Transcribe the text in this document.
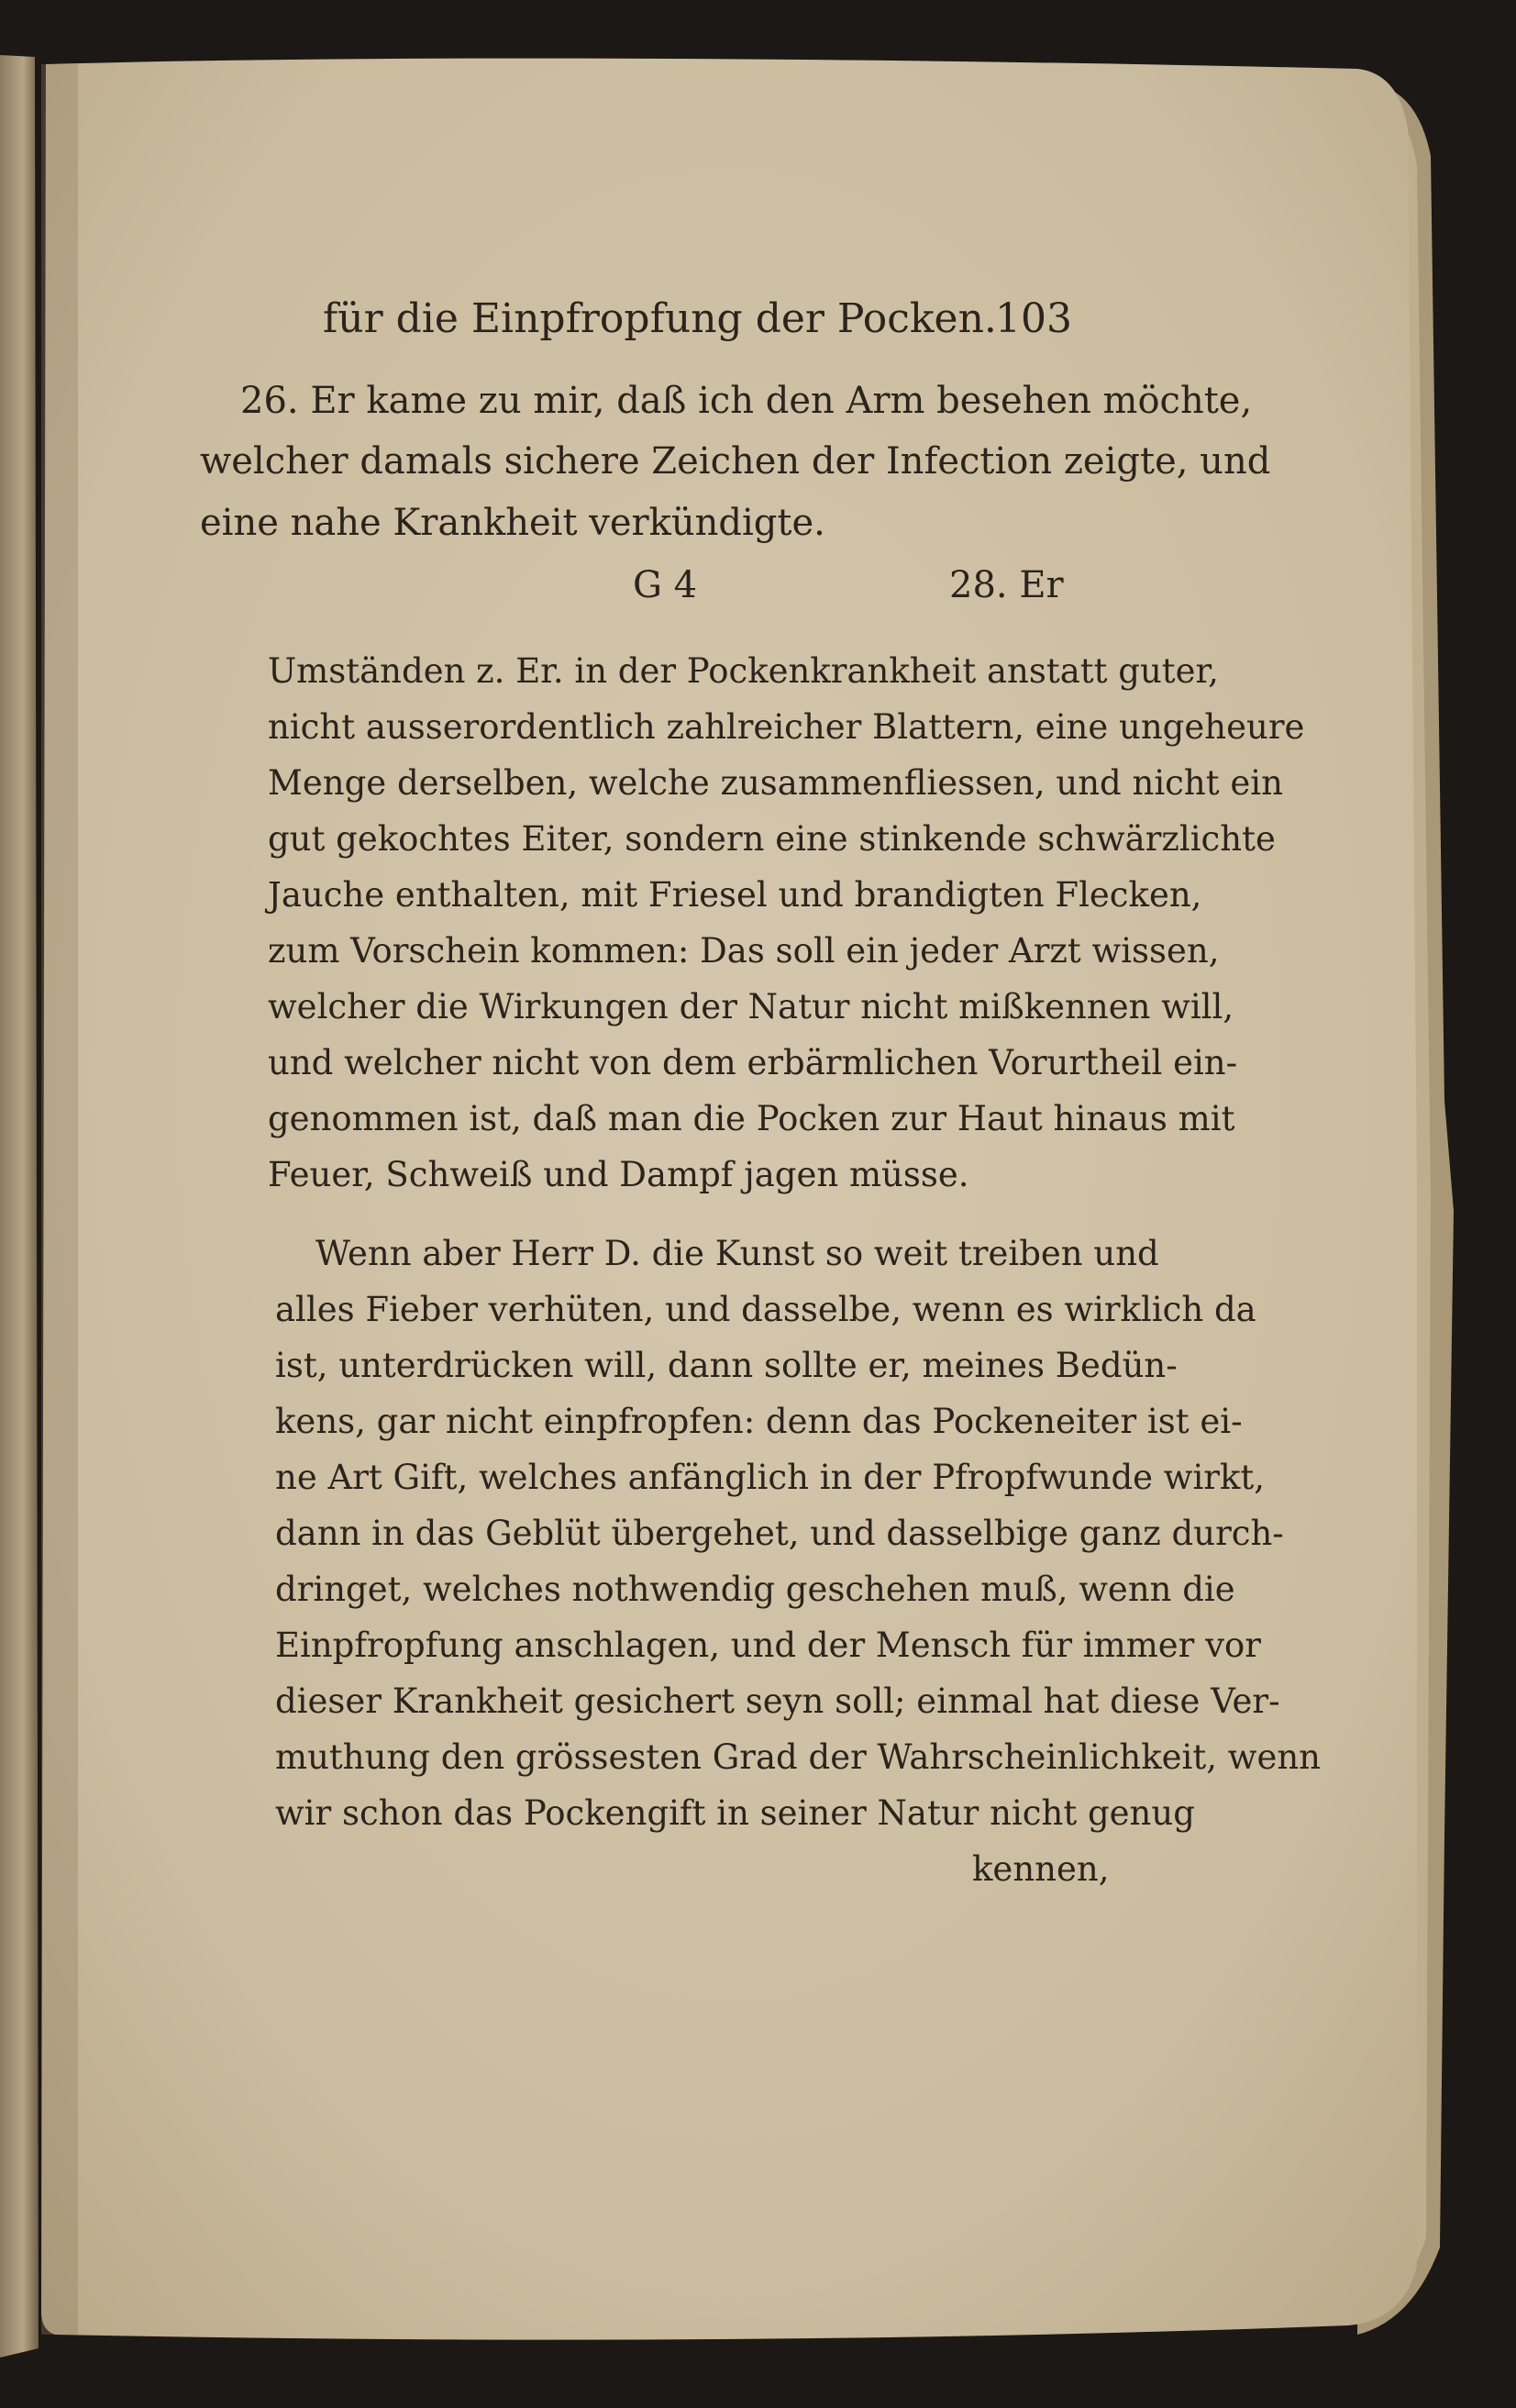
für die Einpfropfung der Pocken.

103

26. Er kame zu mir, daß ich den Arm besehen möchte,

welcher damals sichere Zeichen der Infection zeigte, und

eine nahe Krankheit verkündigte.

G 4	28. Er

Umständen z. Er. in der Pockenkrankheit anstatt guter,

nicht ausserordentlich zahlreicher Blattern, eine ungeheure

Menge derselben, welche zusammenfliessen, und nicht ein

gut gekochtes Eiter, sondern eine stinkende schwärzlichte

Jauche enthalten, mit Friesel und brandigten Flecken,

zum Vorschein kommen: Das soll ein jeder Arzt wissen,

welcher die Wirkungen der Natur nicht mißkennen will,

und welcher nicht von dem erbärmlichen Vorurtheil ein-

genommen ist, daß man die Pocken zur Haut hinaus mit

Feuer, Schweiß und Dampf jagen müsse.

Wenn aber Herr D. die Kunst so weit treiben und

alles Fieber verhüten, und dasselbe, wenn es wirklich da

ist, unterdrücken will, dann sollte er, meines Bedün-

kens, gar nicht einpfropfen: denn das Pockeneiter ist ei-

ne Art Gift, welches anfänglich in der Pfropfwunde wirkt,

dann in das Geblüt übergehet, und dasselbige ganz durch-

dringet, welches nothwendig geschehen muß, wenn die

Einpfropfung anschlagen, und der Mensch für immer vor

dieser Krankheit gesichert seyn soll; einmal hat diese Ver-

muthung den grössesten Grad der Wahrscheinlichkeit, wenn

wir schon das Pockengift in seiner Natur nicht genug

kennen,
